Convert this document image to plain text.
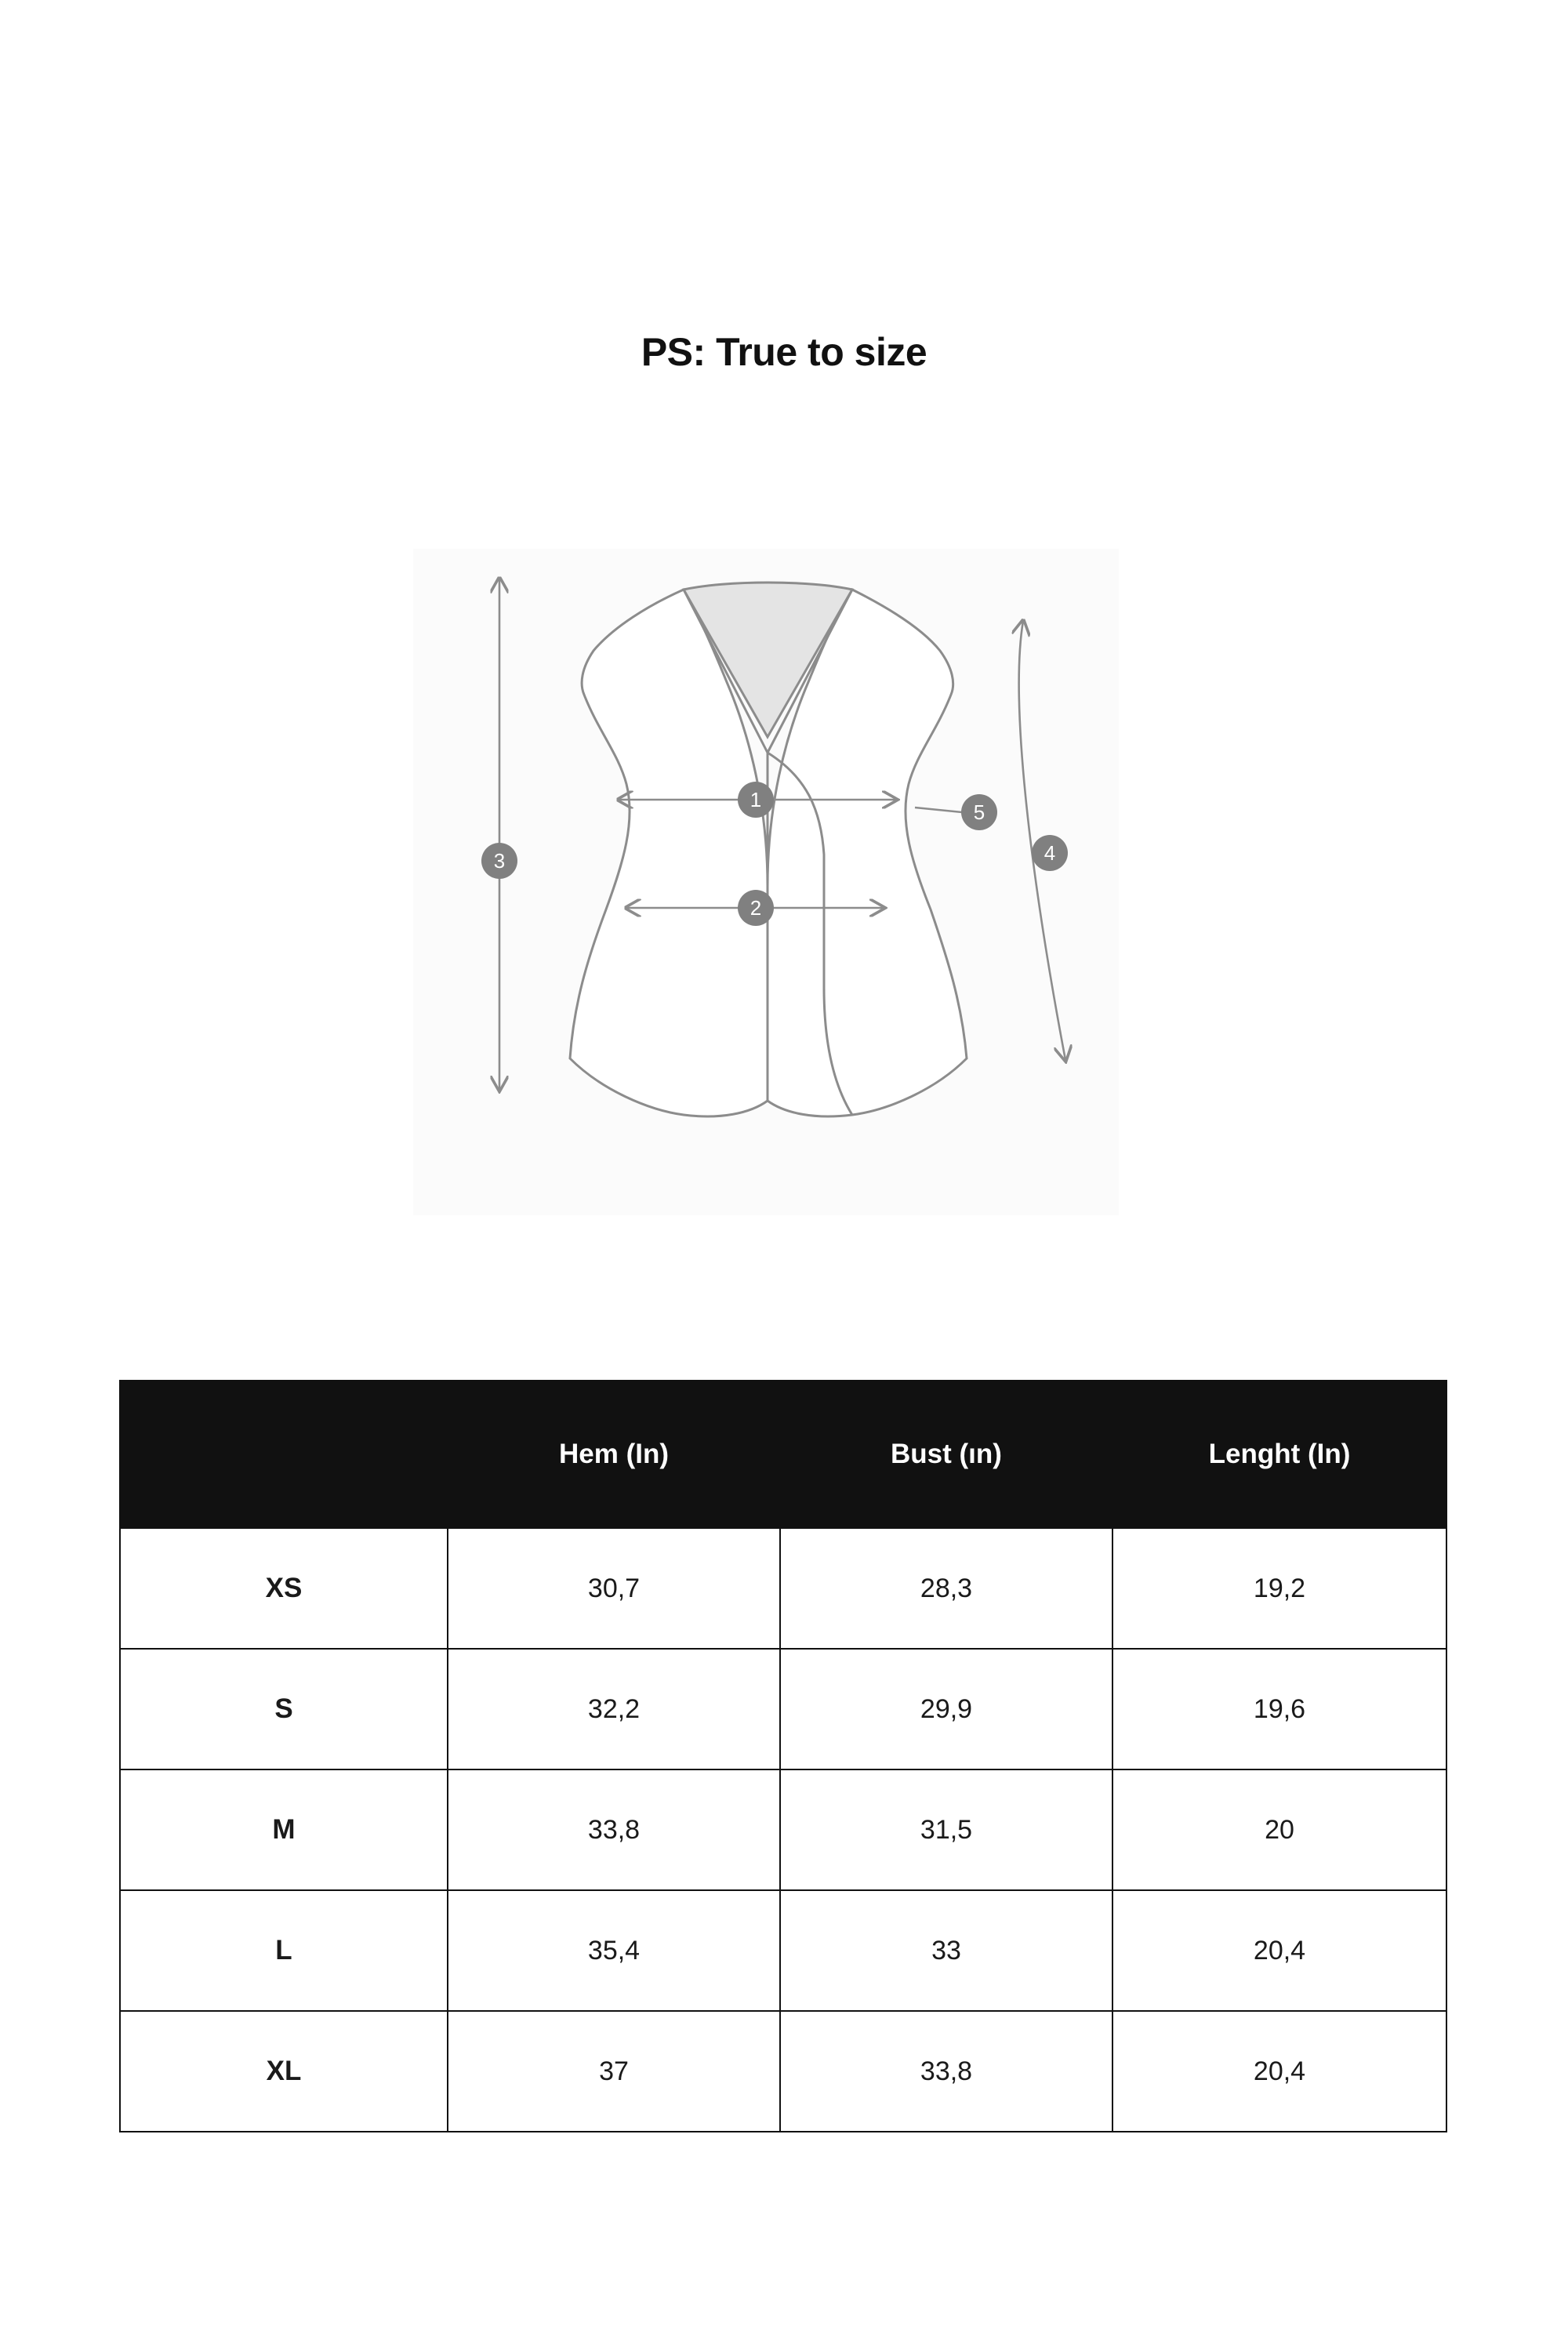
PS: True to size
1
2
3	4
5
	Hem (In)	Bust (ın)	Lenght (In)
XS	30,7	28,3	19,2
S	32,2	29,9	19,6
M	33,8	31,5	20
L	35,4	33	20,4
XL	37	33,8	20,4
